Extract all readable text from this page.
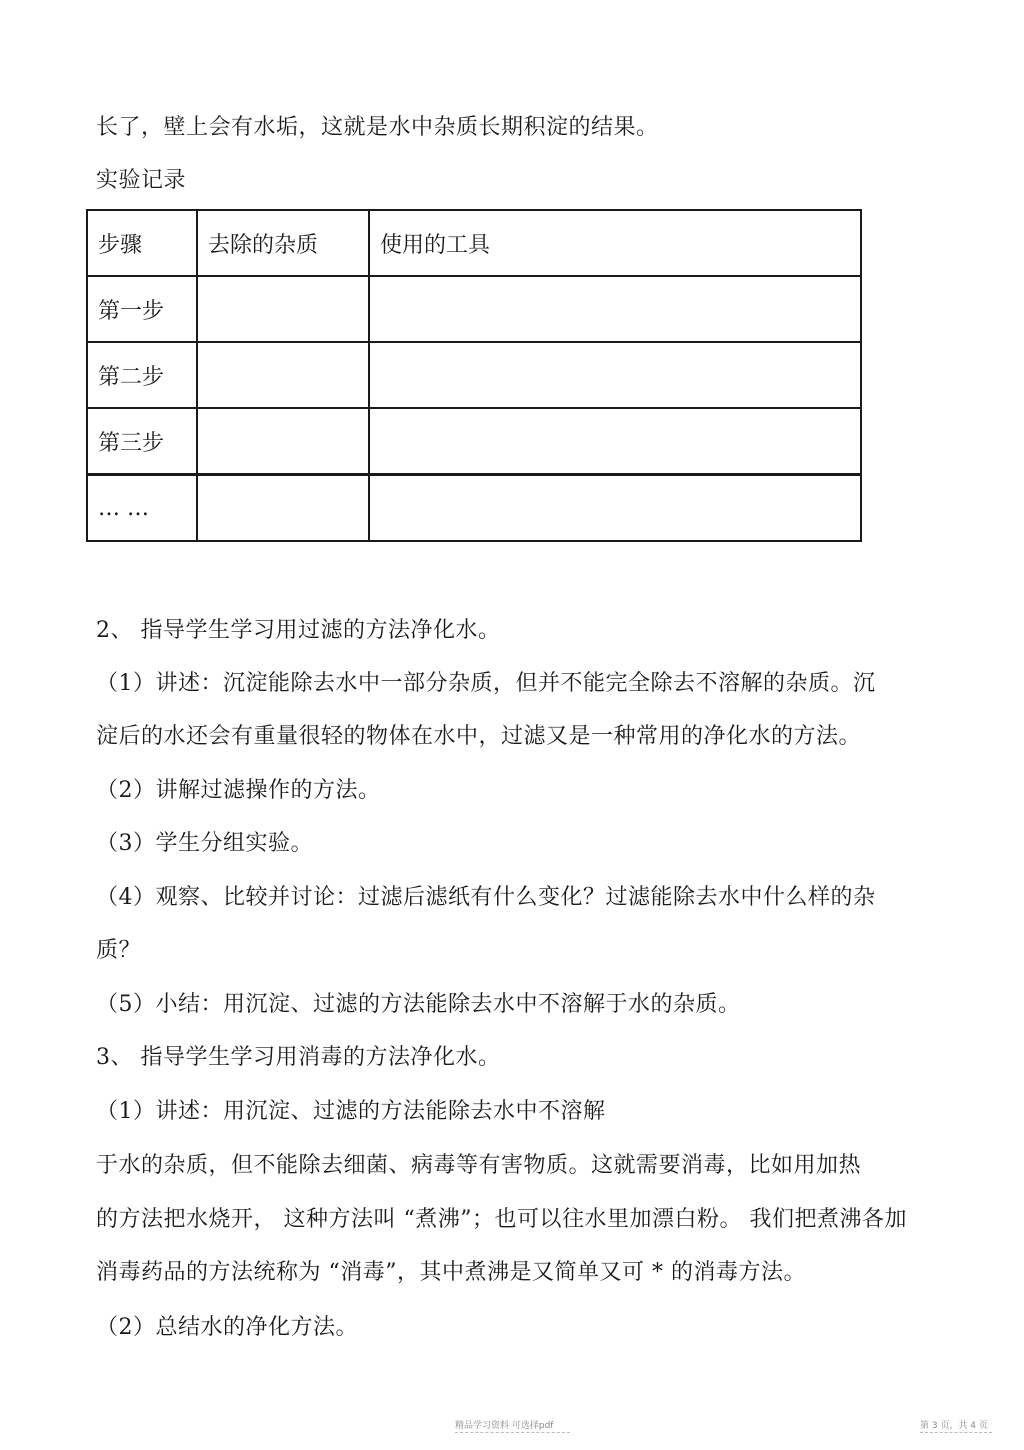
长了，壁上会有水垢，这就是水中杂质长期积淀的结果。
实验记录
步骤	去除的杂质	使用的工具
第一步		
第二步		
第三步		
… …		
2、 指导学生学习用过滤的方法净化水。
（1）讲述：沉淀能除去水中一部分杂质，但并不能完全除去不溶解的杂质。沉
淀后的水还会有重量很轻的物体在水中，过滤又是一种常用的净化水的方法。
（2）讲解过滤操作的方法。
（3）学生分组实验。
（4）观察、比较并讨论：过滤后滤纸有什么变化？过滤能除去水中什么样的杂
质？
（5）小结：用沉淀、过滤的方法能除去水中不溶解于水的杂质。
3、 指导学生学习用消毒的方法净化水。
（1）讲述：用沉淀、过滤的方法能除去水中不溶解
于水的杂质，但不能除去细菌、病毒等有害物质。这就需要消毒，比如用加热
的方法把水烧开， 这种方法叫 “煮沸”；也可以往水里加漂白粉。 我们把煮沸各加
消毒药品的方法统称为 “消毒”，其中煮沸是又简单又可 * 的消毒方法。
（2）总结水的净化方法。
精品学习资料 可选择pdf	第 3 页，共 4 页
